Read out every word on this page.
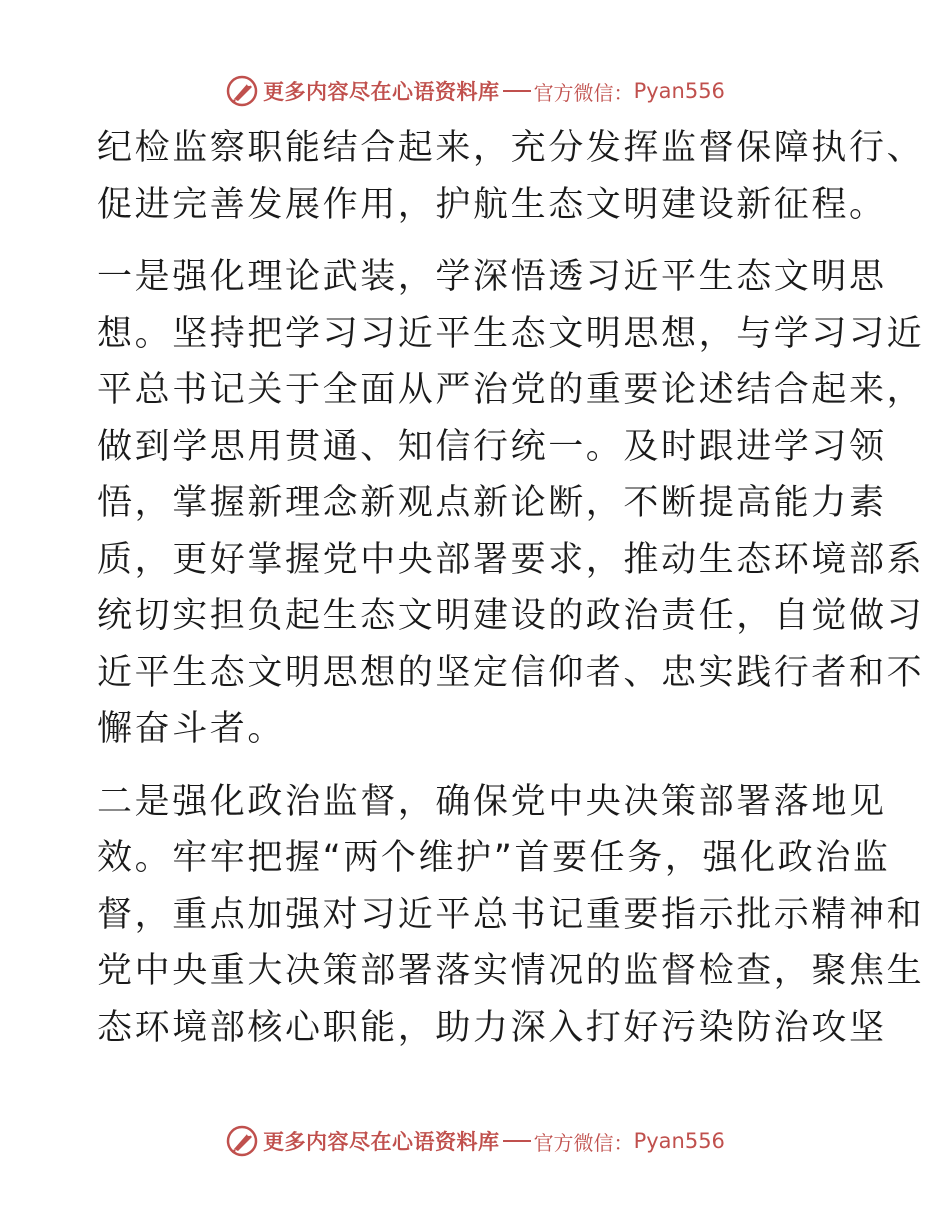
更多内容尽在心语资料库 官方微信： Pyan556
纪检监察职能结合起来，充分发挥监督保障执行、
促进完善发展作用，护航生态文明建设新征程。
一是强化理论武装，学深悟透习近平生态文明思
想。坚持把学习习近平生态文明思想，与学习习近
平总书记关于全面从严治党的重要论述结合起来，
做到学思用贯通、知信行统一。及时跟进学习领
悟，掌握新理念新观点新论断，不断提高能力素
质，更好掌握党中央部署要求，推动生态环境部系
统切实担负起生态文明建设的政治责任，自觉做习
近平生态文明思想的坚定信仰者、忠实践行者和不
懈奋斗者。
二是强化政治监督，确保党中央决策部署落地见
效。牢牢把握“两个维护”首要任务，强化政治监
督，重点加强对习近平总书记重要指示批示精神和
党中央重大决策部署落实情况的监督检查，聚焦生
态环境部核心职能，助力深入打好污染防治攻坚
更多内容尽在心语资料库 官方微信： Pyan556
